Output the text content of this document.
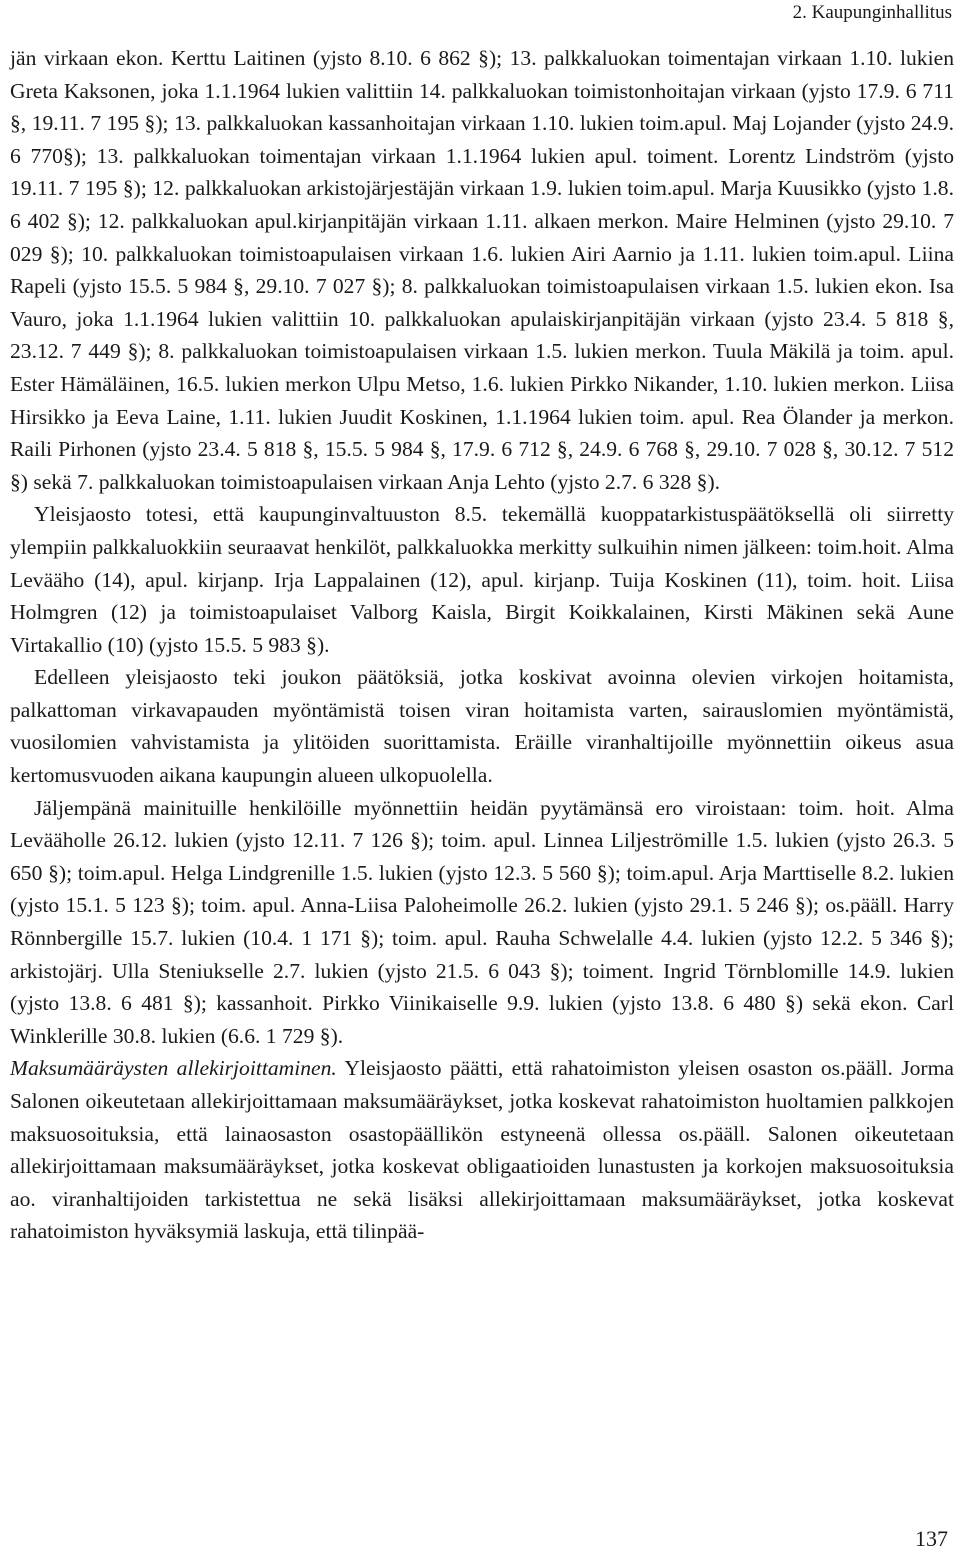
2. Kaupunginhallitus

jän virkaan ekon. Kerttu Laitinen (yjsto 8.10. 6 862 §); 13. palkkaluokan toimentajan virkaan 1.10. lukien Greta Kaksonen, joka 1.1.1964 lukien valittiin 14. palkkaluokan toimistonhoitajan virkaan (yjsto 17.9. 6 711 §, 19.11. 7 195 §); 13. palkkaluokan kassanhoitajan virkaan 1.10. lukien toim.apul. Maj Lojander (yjsto 24.9. 6 770§); 13. palkkaluokan toimentajan virkaan 1.1.1964 lukien apul. toiment. Lorentz Lindström (yjsto 19.11. 7 195 §); 12. palkkaluokan arkistojärjestäjän virkaan 1.9. lukien toim.apul. Marja Kuusikko (yjsto 1.8. 6 402 §); 12. palkkaluokan apul.kirjanpitäjän virkaan 1.11. alkaen merkon. Maire Helminen (yjsto 29.10. 7 029 §); 10. palkkaluokan toimistoapulaisen virkaan 1.6. lukien Airi Aarnio ja 1.11. lukien toim.apul. Liina Rapeli (yjsto 15.5. 5 984 §, 29.10. 7 027 §); 8. palkkaluokan toimistoapulaisen virkaan 1.5. lukien ekon. Isa Vauro, joka 1.1.1964 lukien valittiin 10. palkkaluokan apulaiskirjanpitäjän virkaan (yjsto 23.4. 5 818 §, 23.12. 7 449 §); 8. palkkaluokan toimistoapulaisen virkaan 1.5. lukien merkon. Tuula Mäkilä ja toim. apul. Ester Hämäläinen, 16.5. lukien merkon Ulpu Metso, 1.6. lukien Pirkko Nikander, 1.10. lukien merkon. Liisa Hirsikko ja Eeva Laine, 1.11. lukien Juudit Koskinen, 1.1.1964 lukien toim. apul. Rea Ölander ja merkon. Raili Pirhonen (yjsto 23.4. 5 818 §, 15.5. 5 984 §, 17.9. 6 712 §, 24.9. 6 768 §, 29.10. 7 028 §, 30.12. 7 512 §) sekä 7. palkkaluokan toimistoapulaisen virkaan Anja Lehto (yjsto 2.7. 6 328 §).

Yleisjaosto totesi, että kaupunginvaltuuston 8.5. tekemällä kuoppatarkistuspäätöksellä oli siirretty ylempiin palkkaluokkiin seuraavat henkilöt, palkkaluokka merkitty sulkuihin nimen jälkeen: toim.hoit. Alma Levääho (14), apul. kirjanp. Irja Lappalainen (12), apul. kirjanp. Tuija Koskinen (11), toim. hoit. Liisa Holmgren (12) ja toimistoapulaiset Valborg Kaisla, Birgit Koikkalainen, Kirsti Mäkinen sekä Aune Virtakallio (10) (yjsto 15.5. 5 983 §).

Edelleen yleisjaosto teki joukon päätöksiä, jotka koskivat avoinna olevien virkojen hoitamista, palkattoman virkavapauden myöntämistä toisen viran hoitamista varten, sairauslomien myöntämistä, vuosilomien vahvistamista ja ylitöiden suorittamista. Eräille viranhaltijoille myönnettiin oikeus asua kertomusvuoden aikana kaupungin alueen ulkopuolella.

Jäljempänä mainituille henkilöille myönnettiin heidän pyytämänsä ero viroistaan: toim. hoit. Alma Levääholle 26.12. lukien (yjsto 12.11. 7 126 §); toim. apul. Linnea Liljeströmille 1.5. lukien (yjsto 26.3. 5 650 §); toim.apul. Helga Lindgrenille 1.5. lukien (yjsto 12.3. 5 560 §); toim.apul. Arja Marttiselle 8.2. lukien (yjsto 15.1. 5 123 §); toim. apul. Anna-Liisa Paloheimolle 26.2. lukien (yjsto 29.1. 5 246 §); os.pääll. Harry Rönnbergille 15.7. lukien (10.4. 1 171 §); toim. apul. Rauha Schwelalle 4.4. lukien (yjsto 12.2. 5 346 §); arkistojärj. Ulla Steniukselle 2.7. lukien (yjsto 21.5. 6 043 §); toiment. Ingrid Törnblomille 14.9. lukien (yjsto 13.8. 6 481 §); kassanhoit. Pirkko Viinikaiselle 9.9. lukien (yjsto 13.8. 6 480 §) sekä ekon. Carl Winklerille 30.8. lukien (6.6. 1 729 §).

Maksumääräysten allekirjoittaminen. Yleisjaosto päätti, että rahatoimiston yleisen osaston os.pääll. Jorma Salonen oikeutetaan allekirjoittamaan maksumääräykset, jotka koskevat rahatoimiston huoltamien palkkojen maksuosoituksia, että lainaosaston osastopäällikön estyneenä ollessa os.pääll. Salonen oikeutetaan allekirjoittamaan maksumääräykset, jotka koskevat obligaatioiden lunastusten ja korkojen maksuosoituksia ao. viranhaltijoiden tarkistettua ne sekä lisäksi allekirjoittamaan maksumääräykset, jotka koskevat rahatoimiston hyväksymiä laskuja, että tilinpää-

137
